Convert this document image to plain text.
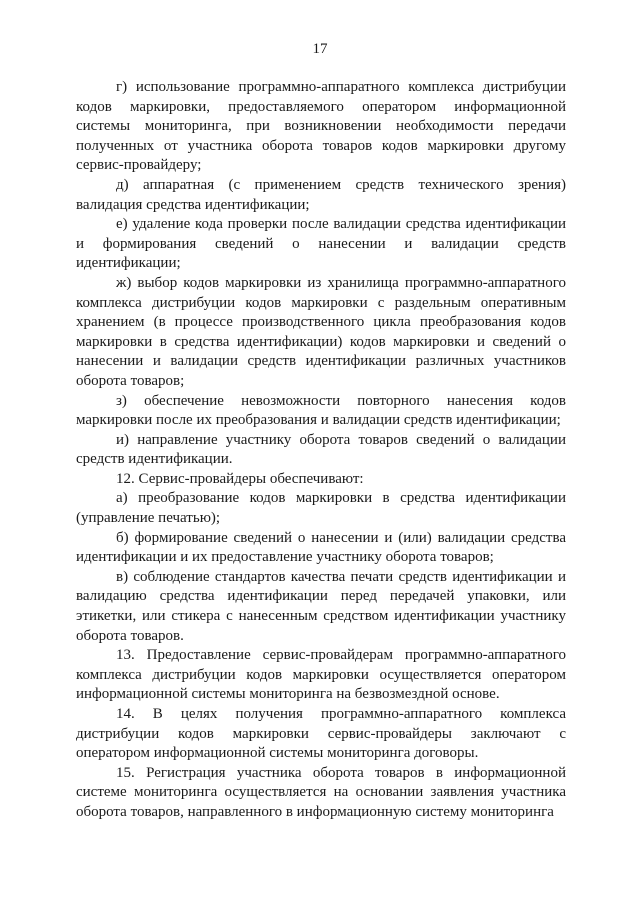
17

г) использование программно-аппаратного комплекса дистрибуции кодов маркировки, предоставляемого оператором информационной системы мониторинга, при возникновении необходимости передачи полученных от участника оборота товаров кодов маркировки другому сервис-провайдеру;

д) аппаратная (с применением средств технического зрения) валидация средства идентификации;

е) удаление кода проверки после валидации средства идентификации и формирования сведений о нанесении и валидации средств идентификации;

ж) выбор кодов маркировки из хранилища программно-аппаратного комплекса дистрибуции кодов маркировки с раздельным оперативным хранением (в процессе производственного цикла преобразования кодов маркировки в средства идентификации) кодов маркировки и сведений о нанесении и валидации средств идентификации различных участников оборота товаров;

з) обеспечение невозможности повторного нанесения кодов маркировки после их преобразования и валидации средств идентификации;

и) направление участнику оборота товаров сведений о валидации средств идентификации.

12. Сервис-провайдеры обеспечивают:

а) преобразование кодов маркировки в средства идентификации (управление печатью);

б) формирование сведений о нанесении и (или) валидации средства идентификации и их предоставление участнику оборота товаров;

в) соблюдение стандартов качества печати средств идентификации и валидацию средства идентификации перед передачей упаковки, или этикетки, или стикера с нанесенным средством идентификации участнику оборота товаров.

13. Предоставление сервис-провайдерам программно-аппаратного комплекса дистрибуции кодов маркировки осуществляется оператором информационной системы мониторинга на безвозмездной основе.

14. В целях получения программно-аппаратного комплекса дистрибуции кодов маркировки сервис-провайдеры заключают с оператором информационной системы мониторинга договоры.

15. Регистрация участника оборота товаров в информационной системе мониторинга осуществляется на основании заявления участника оборота товаров, направленного в информационную систему мониторинга
